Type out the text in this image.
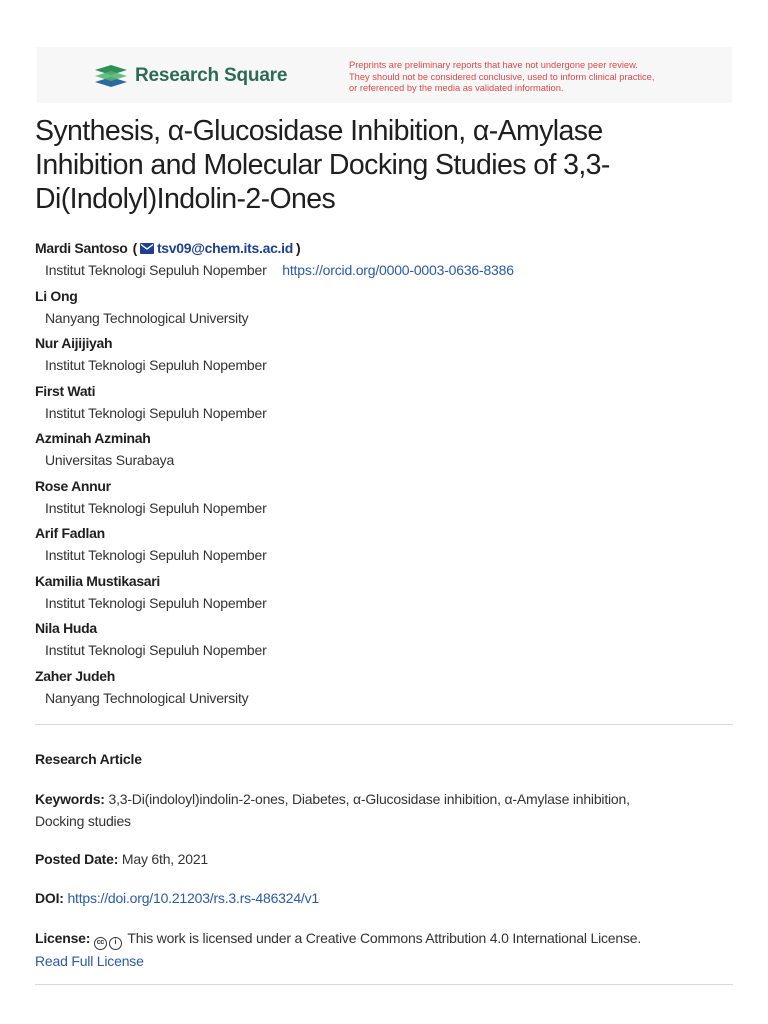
Research Square	Preprints are preliminary reports that have not undergone peer review.
They should not be considered conclusive, used to inform clinical practice,
or referenced by the media as validated information.
Synthesis, α-Glucosidase Inhibition, α-Amylase
Inhibition and Molecular Docking Studies of 3,3-
Di(Indolyl)Indolin-2-Ones
Mardi Santoso ( tsv09@chem.its.ac.id )
Institut Teknologi Sepuluh Nopember https://orcid.org/0000-0003-0636-8386
Li Ong
Nanyang Technological University
Nur Aijijiyah
Institut Teknologi Sepuluh Nopember
First Wati
Institut Teknologi Sepuluh Nopember
Azminah Azminah
Universitas Surabaya
Rose Annur
Institut Teknologi Sepuluh Nopember
Arif Fadlan
Institut Teknologi Sepuluh Nopember
Kamilia Mustikasari
Institut Teknologi Sepuluh Nopember
Nila Huda
Institut Teknologi Sepuluh Nopember
Zaher Judeh
Nanyang Technological University
Research Article
Keywords: 3,3-Di(indoloyl)indolin-2-ones, Diabetes, α-Glucosidase inhibition, α-Amylase inhibition,
Docking studies
Posted Date: May 6th, 2021
DOI: https://doi.org/10.21203/rs.3.rs-486324/v1
License: cc i This work is licensed under a Creative Commons Attribution 4.0 International License.
Read Full License
